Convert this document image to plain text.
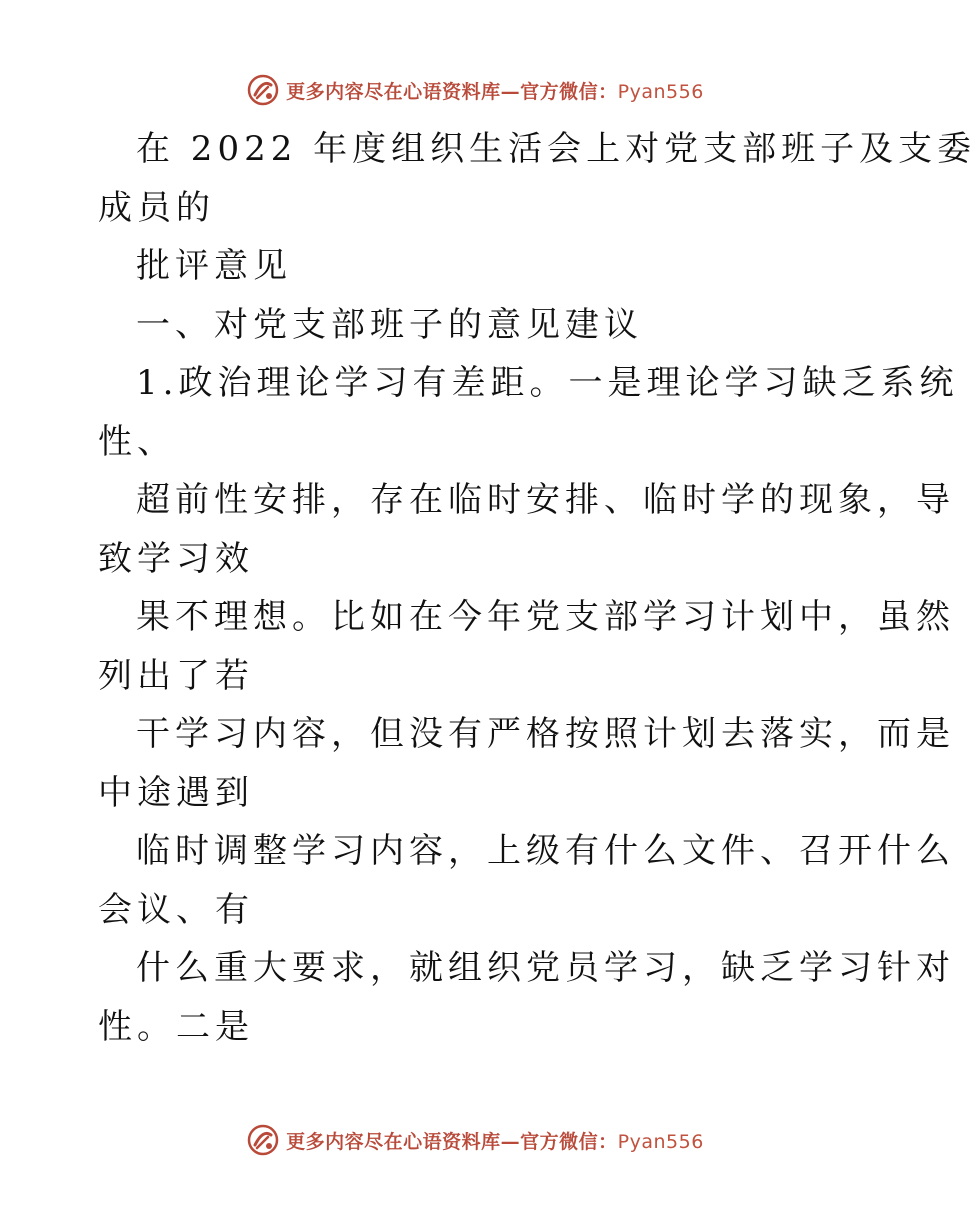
更多内容尽在心语资料库—官方微信：Pyan556
在 2022 年度组织生活会上对党支部班子及支委
成员的
批评意见
一、对党支部班子的意见建议
1.政治理论学习有差距。一是理论学习缺乏系统
性、
超前性安排，存在临时安排、临时学的现象，导
致学习效
果不理想。比如在今年党支部学习计划中，虽然
列出了若
干学习内容，但没有严格按照计划去落实，而是
中途遇到
临时调整学习内容，上级有什么文件、召开什么
会议、有
什么重大要求，就组织党员学习，缺乏学习针对
性。二是
更多内容尽在心语资料库—官方微信：Pyan556
